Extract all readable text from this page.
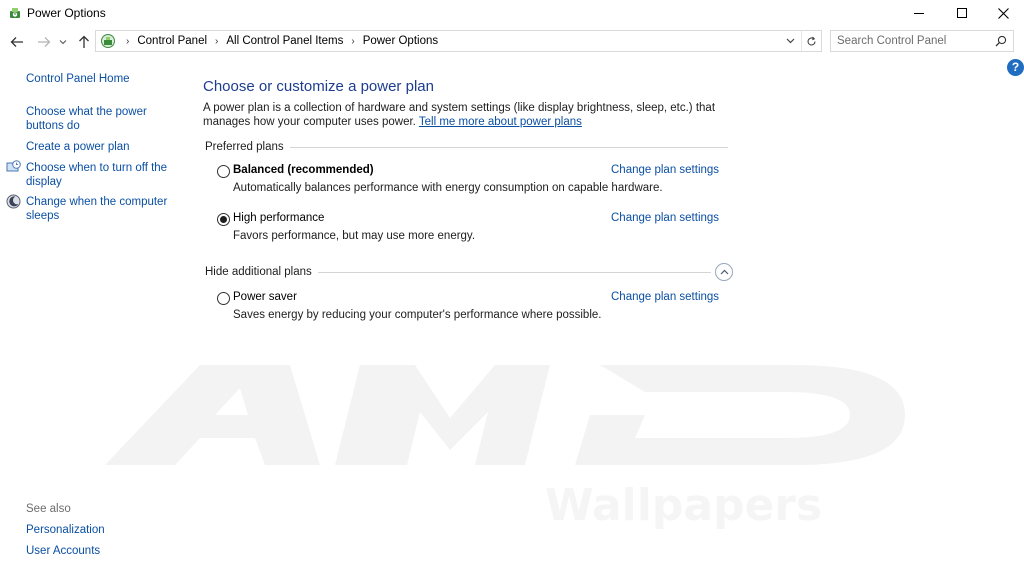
Power Options
› Control Panel › All Control Panel Items › Power Options
Search Control Panel
?
Control Panel Home
Choose what the power buttons do
Create a power plan
Choose when to turn off the display
Change when the computer sleeps
See also
Personalization
User Accounts
Wallpapers
Choose or customize a power plan
A power plan is a collection of hardware and system settings (like display brightness, sleep, etc.) that manages how your computer uses power. Tell me more about power plans
Preferred plans
Balanced (recommended)
Automatically balances performance with energy consumption on capable hardware.
Change plan settings
High performance
Favors performance, but may use more energy.
Change plan settings
Hide additional plans
Power saver
Saves energy by reducing your computer's performance where possible.
Change plan settings
